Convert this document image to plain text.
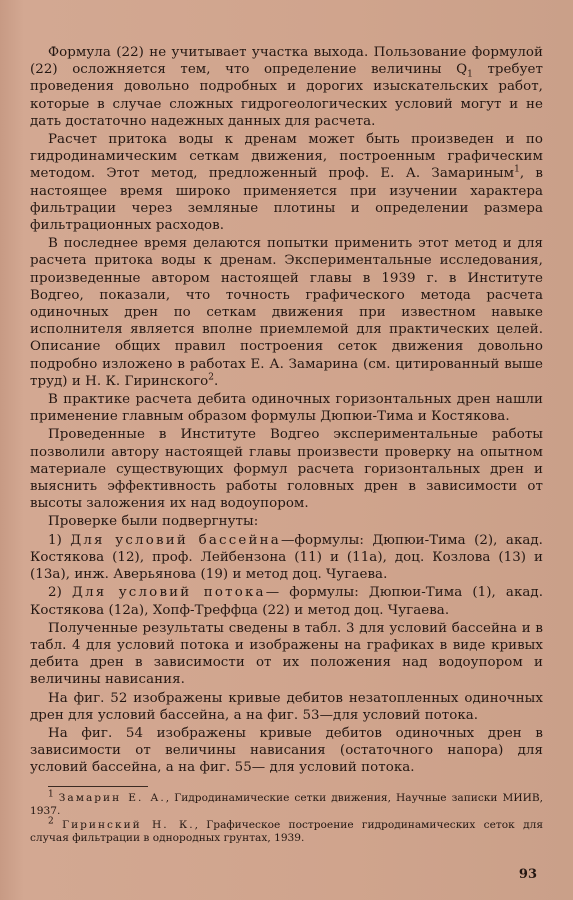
Формула (22) не учитывает участка выхода. Пользование формулой (22) осложняется тем, что определение величины $Q_1$ требует проведения довольно подробных и дорогих изыскательских работ, которые в случае сложных гидрогеологических условий могут и не дать достаточно надежных данных для расчета.

Расчет притока воды к дренам может быть произведен и по гидродинамическим сеткам движения, построенным графическим методом. Этот метод, предложенный проф. Е. А. Замариным$^1$, в настоящее время широко применяется при изучении характера фильтрации через земляные плотины и определении размера фильтрационных расходов.

В последнее время делаются попытки применить этот метод и для расчета притока воды к дренам. Экспериментальные исследования, произведенные автором настоящей главы в 1939 г. в Институте Водгео, показали, что точность графического метода расчета одиночных дрен по сеткам движения при известном навыке исполнителя является вполне приемлемой для практических целей. Описание общих правил построения сеток движения довольно подробно изложено в работах Е. А. Замарина (см. цитированный выше труд) и Н. К. Гиринского$^2$.

В практике расчета дебита одиночных горизонтальных дрен нашли применение главным образом формулы Дюпюи-Тима и Костякова.

Проведенные в Институте Водгео экспериментальные работы позволили автору настоящей главы произвести проверку на опытном материале существующих формул расчета горизонтальных дрен и выяснить эффективность работы головных дрен в зависимости от высоты заложения их над водоупором.

Проверке были подвергнуты:

1) Для условий бассейна—формулы: Дюпюи-Тима (2), акад. Костякова (12), проф. Лейбензона (11) и (11а), доц. Козлова (13) и (13а), инж. Аверьянова (19) и метод доц. Чугаева.

2) Для условий потока— формулы: Дюпюи-Тима (1), акад. Костякова (12а), Хопф-Треффца (22) и метод доц. Чугаева.

Полученные результаты сведены в табл. 3 для условий бассейна и в табл. 4 для условий потока и изображены на графиках в виде кривых дебита дрен в зависимости от их положения над водоупором и величины нависания.

На фиг. 52 изображены кривые дебитов незатопленных одиночных дрен для условий бассейна, а на фиг. 53—для условий потока.

На фиг. 54 изображены кривые дебитов одиночных дрен в зависимости от величины нависания (остаточного напора) для условий бассейна, а на фиг. 55— для условий потока.

$^1$ Замарин Е. А., Гидродинамические сетки движения, Научные записки МИИВ, 1937.

$^2$ Гиринский Н. К., Графическое построение гидродинамических сеток для случая фильтрации в однородных грунтах, 1939.

93
